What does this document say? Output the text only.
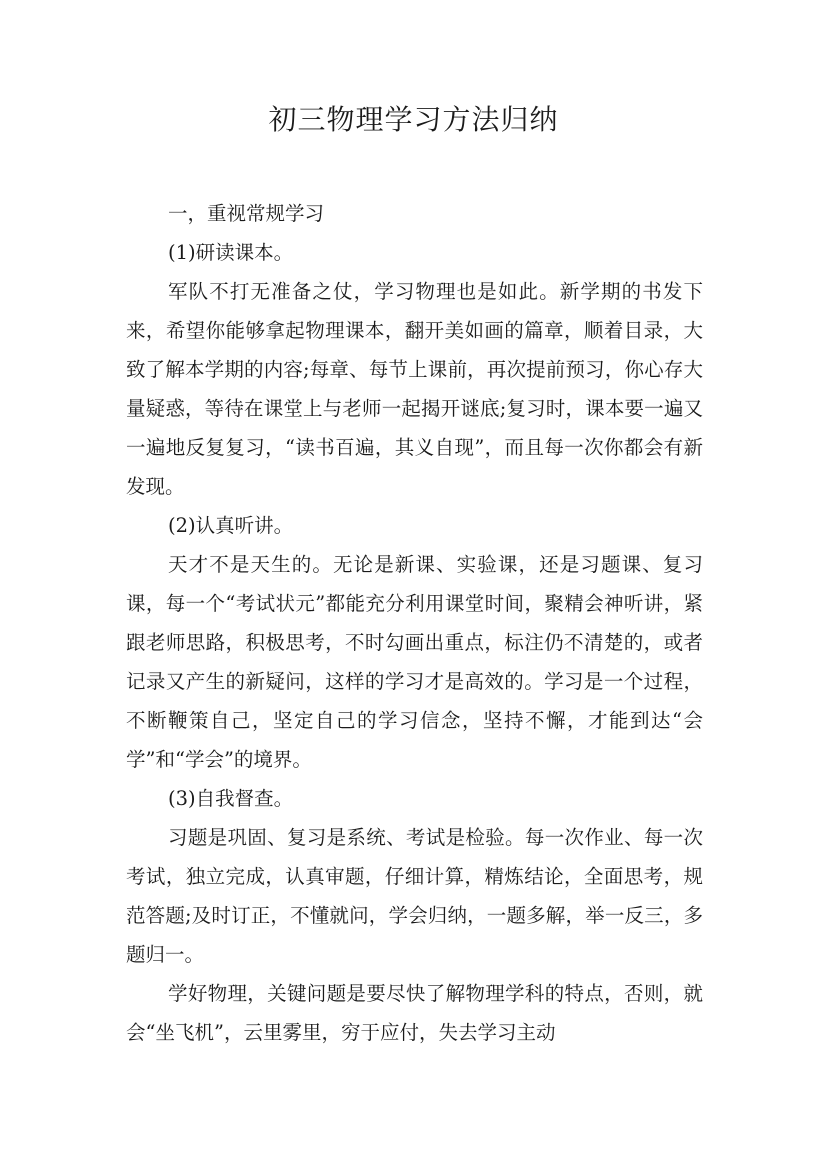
初三物理学习方法归纳

一，重视常规学习

(1)研读课本。

军队不打无准备之仗，学习物理也是如此。新学期的书发下来，希望你能够拿起物理课本，翻开美如画的篇章，顺着目录，大致了解本学期的内容;每章、每节上课前，再次提前预习，你心存大量疑惑，等待在课堂上与老师一起揭开谜底;复习时，课本要一遍又一遍地反复复习，“读书百遍，其义自现”，而且每一次你都会有新发现。

(2)认真听讲。

天才不是天生的。无论是新课、实验课，还是习题课、复习课，每一个“考试状元”都能充分利用课堂时间，聚精会神听讲，紧跟老师思路，积极思考，不时勾画出重点，标注仍不清楚的，或者记录又产生的新疑问，这样的学习才是高效的。学习是一个过程，不断鞭策自己，坚定自己的学习信念，坚持不懈，才能到达“会学”和“学会”的境界。

(3)自我督查。

习题是巩固、复习是系统、考试是检验。每一次作业、每一次考试，独立完成，认真审题，仔细计算，精炼结论，全面思考，规范答题;及时订正，不懂就问，学会归纳，一题多解，举一反三，多题归一。

学好物理，关键问题是要尽快了解物理学科的特点，否则，就会“坐飞机”，云里雾里，穷于应付，失去学习主动
